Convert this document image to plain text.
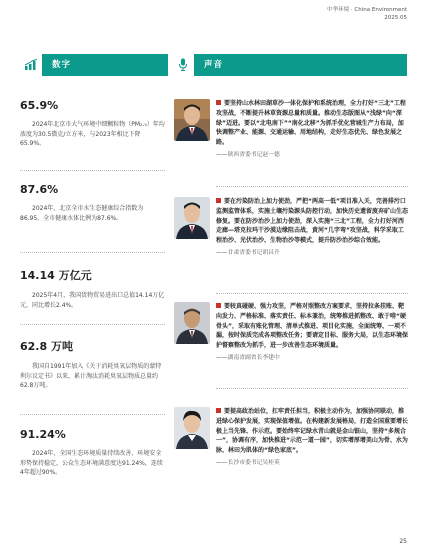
中华环境 · China Environment
2025.05
数字	声音

65.9%

2024年北京市大气环境中细颗粒物（PM₂.₅）年均浓度为30.5微克/立方米，与2023年相比下降65.9%。

87.6%

2024年，北京全市水生态健康综合指数为86.95，全市健康水体比例为87.6%。

14.14 万亿元

2025年4月，我国货物贸易进出口总值14.14万亿元，同比增长2.4%。

62.8 万吨

我国自1991年加入《关于消耗臭氧层物质的蒙特利尔议定书》以来，累计淘汰消耗臭氧层物质总量约62.8万吨。

91.24%

2024年，全国生态环境质量持续改善，环境安全形势保持稳定，公众生态环境满意度达91.24%，连续4年超过90%。

要坚持山水林田湖草沙一体化保护和系统治理，全力打好“三北”工程攻坚战，不断提升林草资源总量和质量。推动生态版图从“浅绿”向“深绿”迈进。要以“北电南下”“南化北移”为抓手优化营城生产力布局，加快调整产业、能源、交通运输、用地结构，走好生态优先、绿色发展之路。
——陕西省委书记赵一德
要在污染防治上加力使劲，严把“两高一低”项目准入关，完善排污口监测监管体系，实施土壤污染源头防控行动，加快历史遗留废弃矿山生态修复。要在防沙治沙上加力使劲，深入实施“三北”工程，全力打好河西走廊—塔克拉玛干沙漠边缘阻击战，黄河“几字弯”攻坚战，科学采取工程治沙、光伏治沙、生物治沙等模式，提升防沙治沙综合效能。
——甘肃省委书记胡昌升
要较真碰硬、强力攻坚，严格对照整改方案要求，坚持拉条挂账、靶向发力、严格标准、落实责任、标本兼治，统筹推进抓整改、敢于啃“硬骨头”，采取有账化管理、清单式推进、项目化实施，全面统筹、一项不漏，按时保质完成各项整改任务；要请定目标、服务大局，以生态环境保护督察整改为抓手，进一步改善生态环境质量。
——湖南省副省长李建中
要提高政治站位，扛牢责任担当，积极主动作为，加强协同联动，推进绿心保护发展，实现保值增值。在构建新发展格局，打造全国重要增长极上当先锋、作示范。要始终牢记绿水青山就是金山银山，坚持“多规合一”，协调有序，加快推进“示范一道一园”，切实增厚增美山为骨、水为脉、林田为肌体的“绿色家底”。
——长沙市委书记吴桂英
25
